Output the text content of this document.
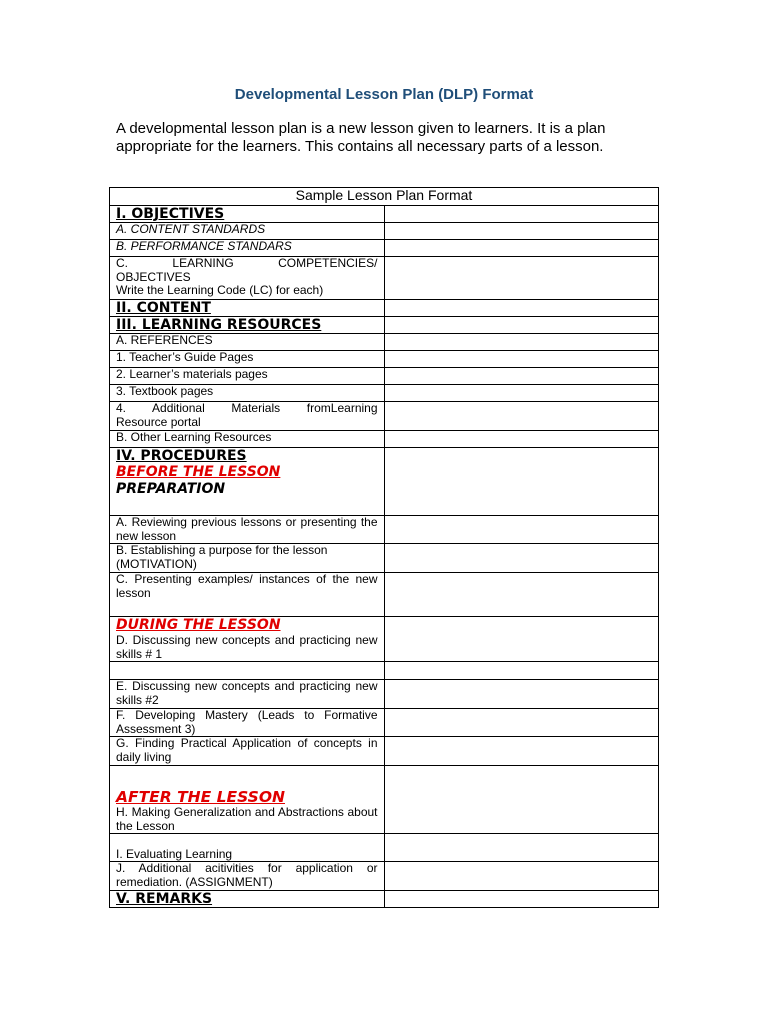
Developmental Lesson Plan (DLP) Format
A developmental lesson plan is a new lesson given to learners. It is a plan appropriate for the learners. This contains all necessary parts of a lesson.
Sample Lesson Plan Format	
I. OBJECTIVES	
A. CONTENT STANDARDS	
B. PERFORMANCE STANDARS	

C. LEARNING COMPETENCIES/
OBJECTIVES
Write the Learning Code (LC) for each)	

II. CONTENT	
III. LEARNING RESOURCES	
A. REFERENCES	
1. Teacher’s Guide Pages	
2. Learner’s materials pages	
3. Textbook pages	

4. Additional Materials fromLearning
Resource portal	

B. Other Learning Resources	

IV. PROCEDURES
BEFORE THE LESSON
PREPARATION	

A. Reviewing previous lessons or presenting the new lesson	

B. Establishing a purpose for the lesson
(MOTIVATION)	

C. Presenting examples/ instances of the new lesson	

DURING THE LESSON
D. Discussing new concepts and practicing new skills # 1	

E. Discussing new concepts and practicing new skills #2	

F. Developing Mastery (Leads to Formative Assessment 3)	

G. Finding Practical Application of concepts in daily living	

AFTER THE LESSON
H. Making Generalization and Abstractions about the Lesson	

I. Evaluating Learning	

J. Additional acitivities for application or remediation. (ASSIGNMENT)	

V. REMARKS	
